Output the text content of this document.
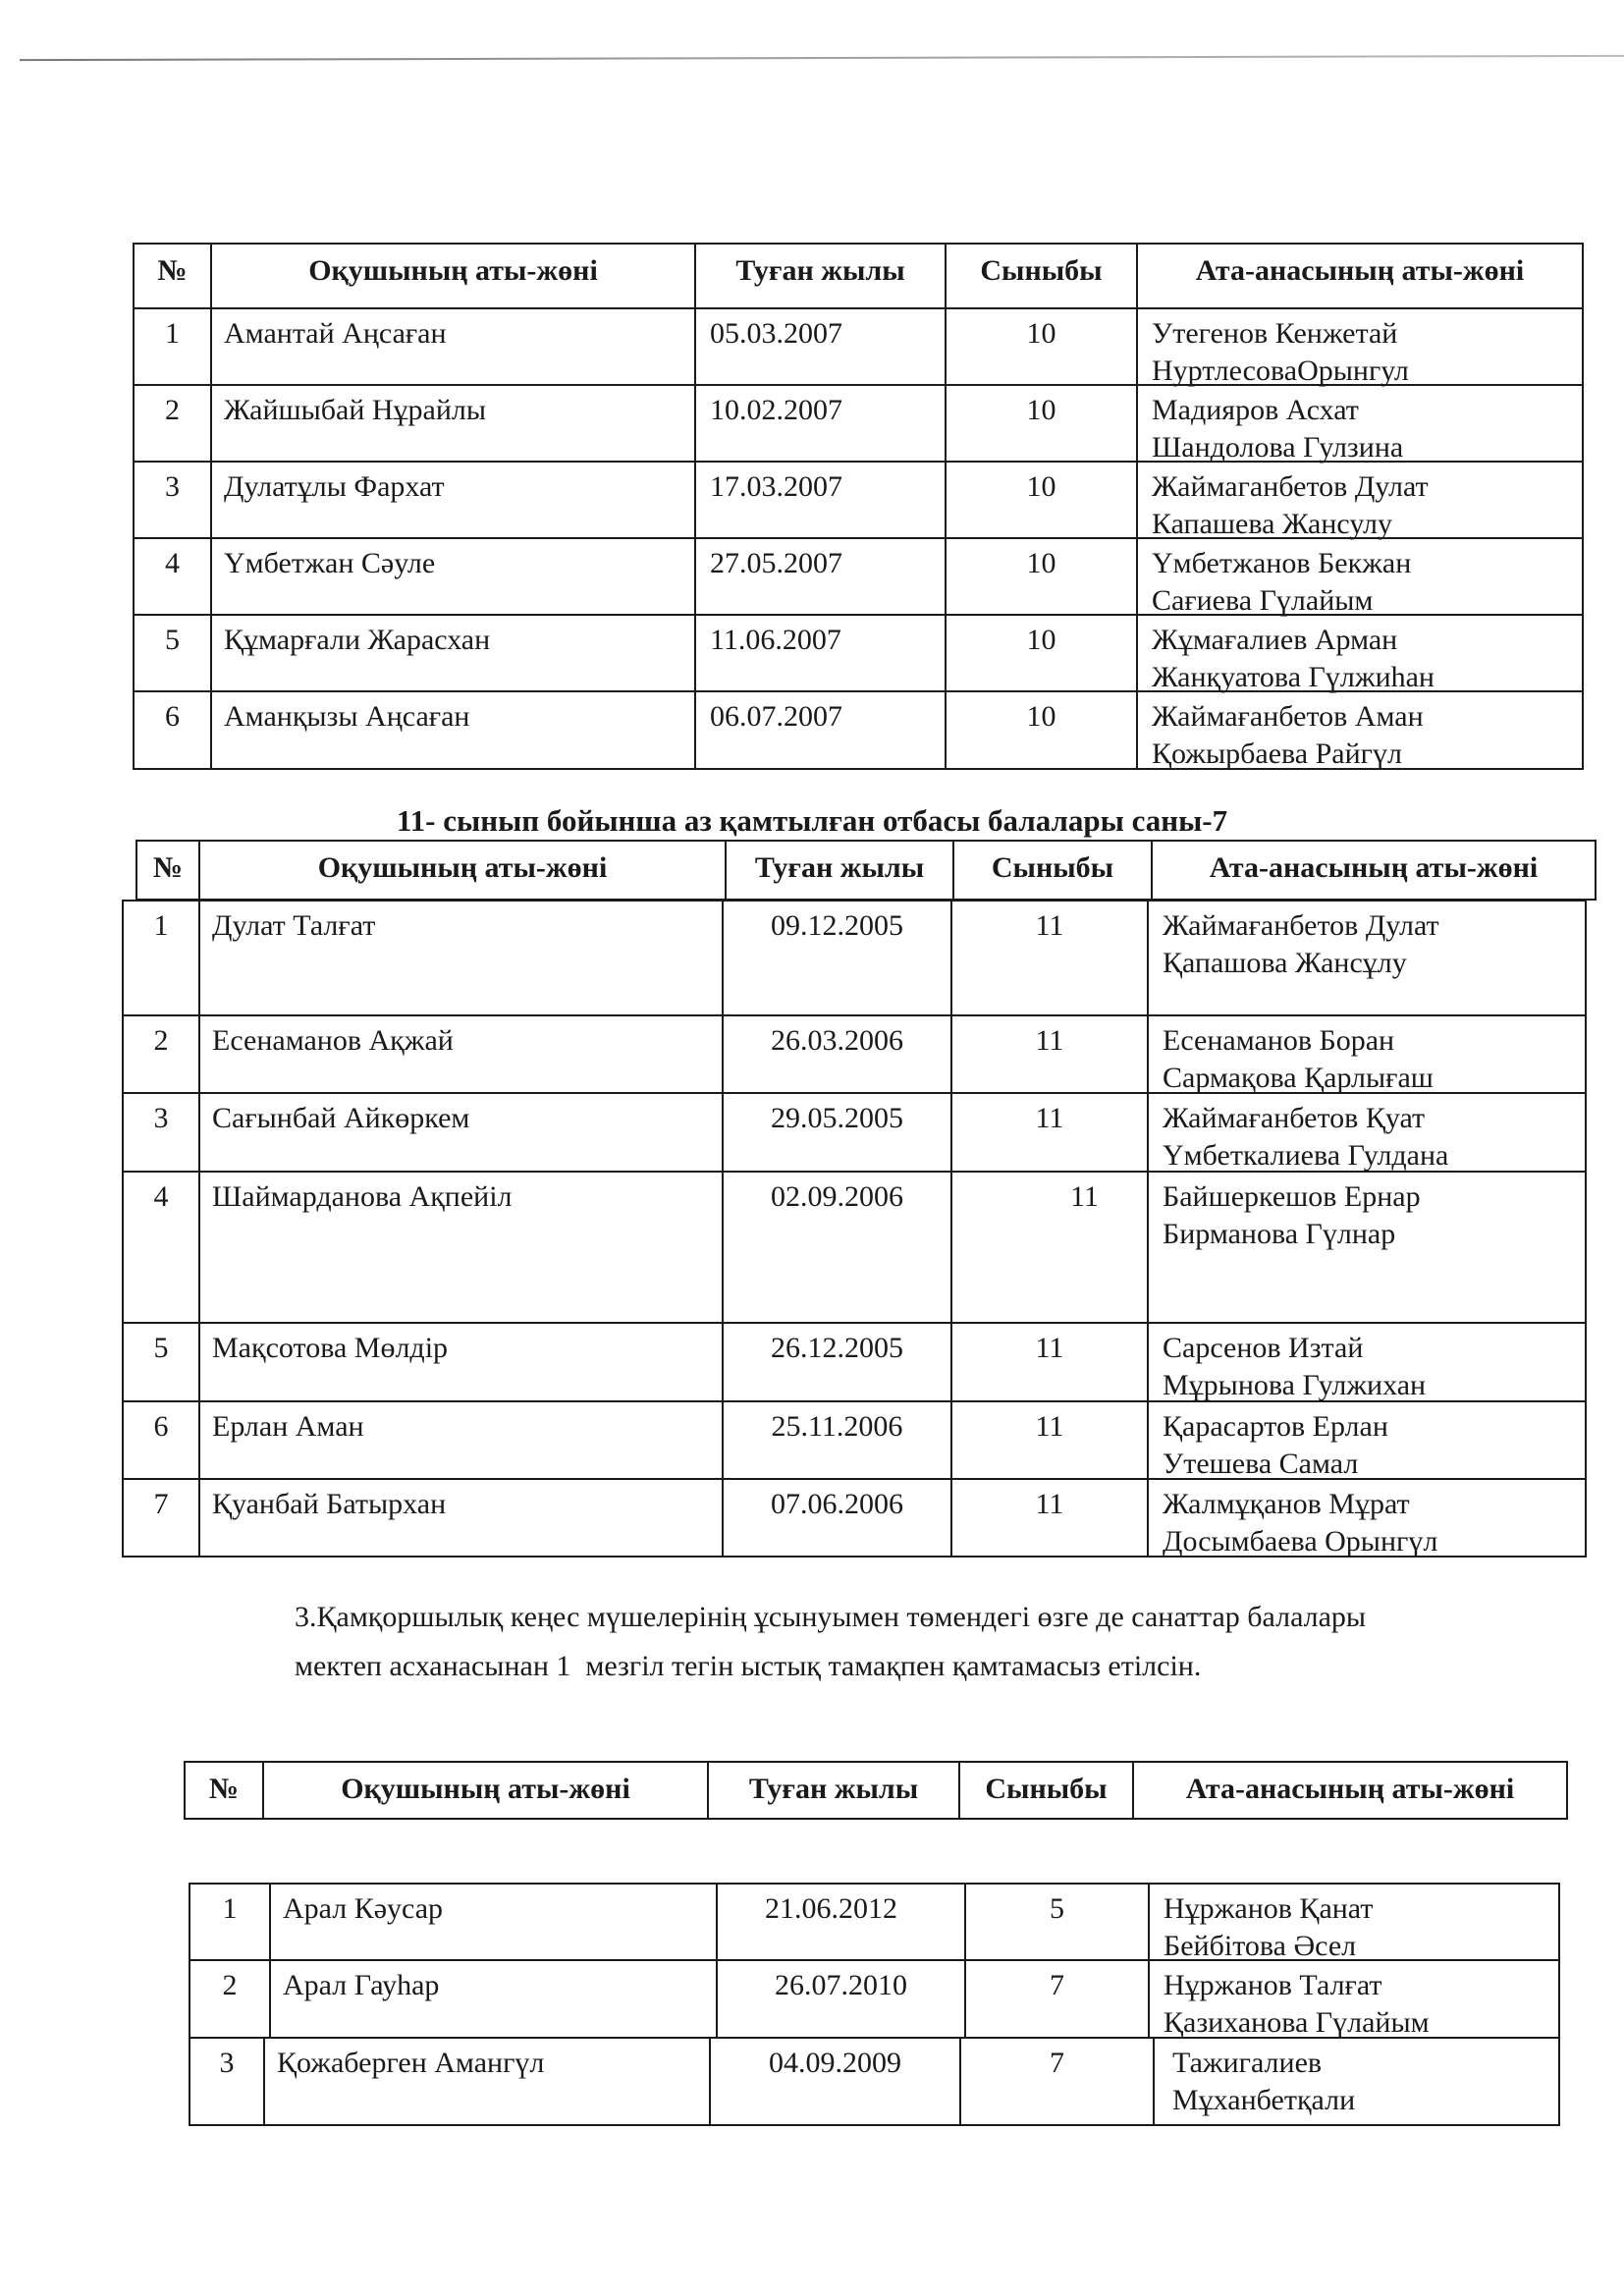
№	Оқушының аты-жөні	Туған жылы	Сыныбы	Ата-анасының аты-жөні
1	Амантай Аңсаған	05.03.2007	10	Утегенов Кенжетай
НуртлесоваОрынгул
2	Жайшыбай Нұрайлы	10.02.2007	10	Мадияров Асхат
Шандолова Гулзина
3	Дулатұлы Фархат	17.03.2007	10	Жаймаганбетов Дулат
Капашева Жансулу
4	Үмбетжан Сәуле	27.05.2007	10	Үмбетжанов Бекжан
Сағиева Гүлайым
5	Құмарғали Жарасхан	11.06.2007	10	Жұмағалиев Арман
Жанқуатова Гүлжиһан
6	Аманқызы Аңсаған	06.07.2007	10	Жаймағанбетов Аман
Қожырбаева Райгүл
11- сынып бойынша аз қамтылған отбасы балалары саны-7
№	Оқушының аты-жөні	Туған жылы	Сыныбы	Ата-анасының аты-жөні
1	Дулат Талғат	09.12.2005	11	Жаймағанбетов Дулат
Қапашова Жансұлу
2	Есенаманов Ақжай	26.03.2006	11	Есенаманов Боран
Сармақова Қарлығаш
3	Сағынбай Айкөркем	29.05.2005	11	Жаймағанбетов Қуат
Үмбеткалиева Гулдана
4	Шаймарданова Ақпейіл	02.09.2006	11	Байшеркешов Ернар
Бирманова Гүлнар
5	Мақсотова Мөлдір	26.12.2005	11	Сарсенов Изтай
Мұрынова Гулжихан
6	Ерлан Аман	25.11.2006	11	Қарасартов Ерлан
Утешева Самал
7	Қуанбай Батырхан	07.06.2006	11	Жалмұқанов Мұрат
Досымбаева Орынгүл
3.Қамқоршылық кеңес мүшелерінің ұсынуымен төмендегі өзге де санаттар балалары
мектеп асханасынан 1  мезгіл тегін ыстық тамақпен қамтамасыз етілсін.
№	Оқушының аты-жөні	Туған жылы	Сыныбы	Ата-анасының аты-жөні
1	Арал Кәусар	21.06.2012	5	Нұржанов Қанат
Бейбітова Әсел
2	Арал Гауһар	26.07.2010	7	Нұржанов Талғат
Қазиханова Гүлайым
3	Қожаберген Амангүл	04.09.2009	7	Тажигалиев
Мұханбетқали
